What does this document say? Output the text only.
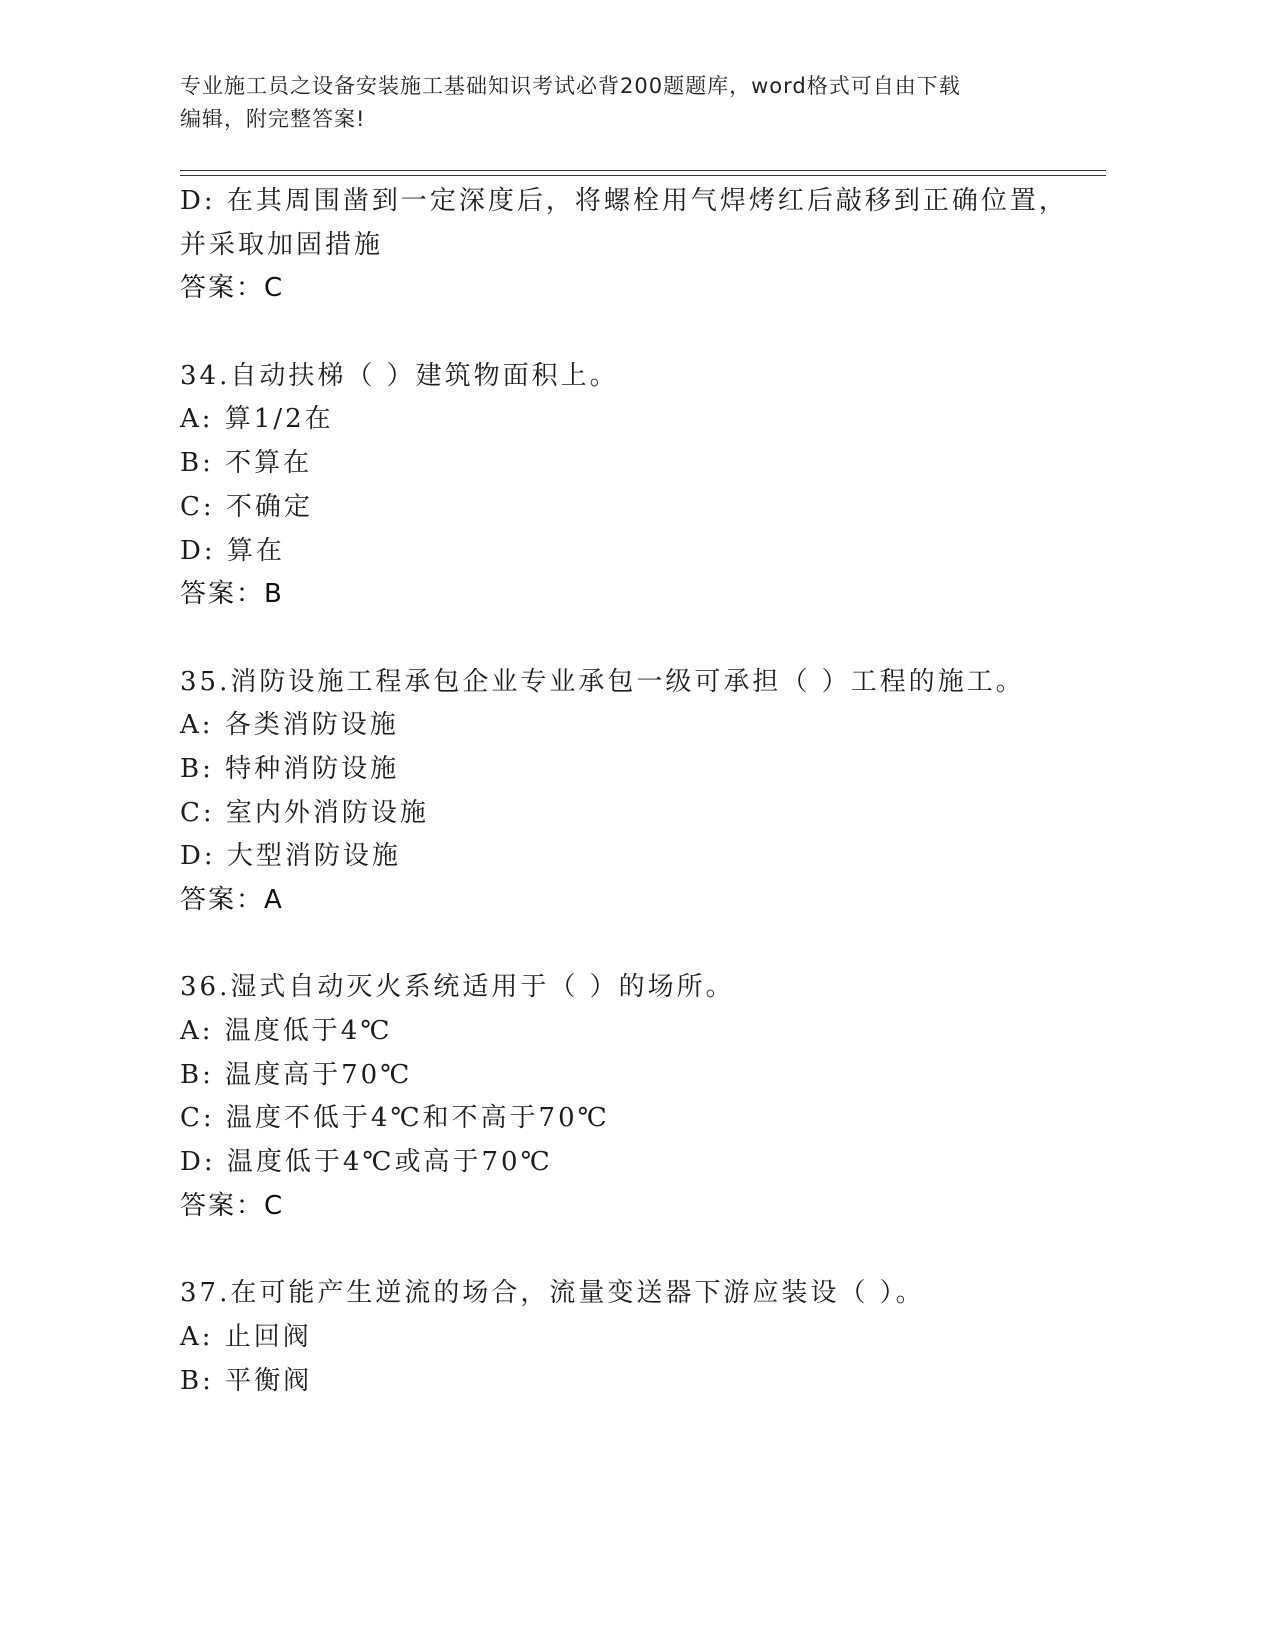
专业施工员之设备安装施工基础知识考试必背200题题库，word格式可自由下载
编辑，附完整答案!
D: 在其周围凿到一定深度后，将螺栓用气焊烤红后敲移到正确位置，
并采取加固措施
答案：C
34.自动扶梯（ ）建筑物面积上。
A: 算1/2在
B: 不算在
C: 不确定
D: 算在
答案：B
35.消防设施工程承包企业专业承包一级可承担（ ）工程的施工。
A: 各类消防设施
B: 特种消防设施
C: 室内外消防设施
D: 大型消防设施
答案：A
36.湿式自动灭火系统适用于（ ）的场所。
A: 温度低于4℃
B: 温度高于70℃
C: 温度不低于4℃和不高于70℃
D: 温度低于4℃或高于70℃
答案：C
37.在可能产生逆流的场合，流量变送器下游应装设（ ）。
A: 止回阀
B: 平衡阀
